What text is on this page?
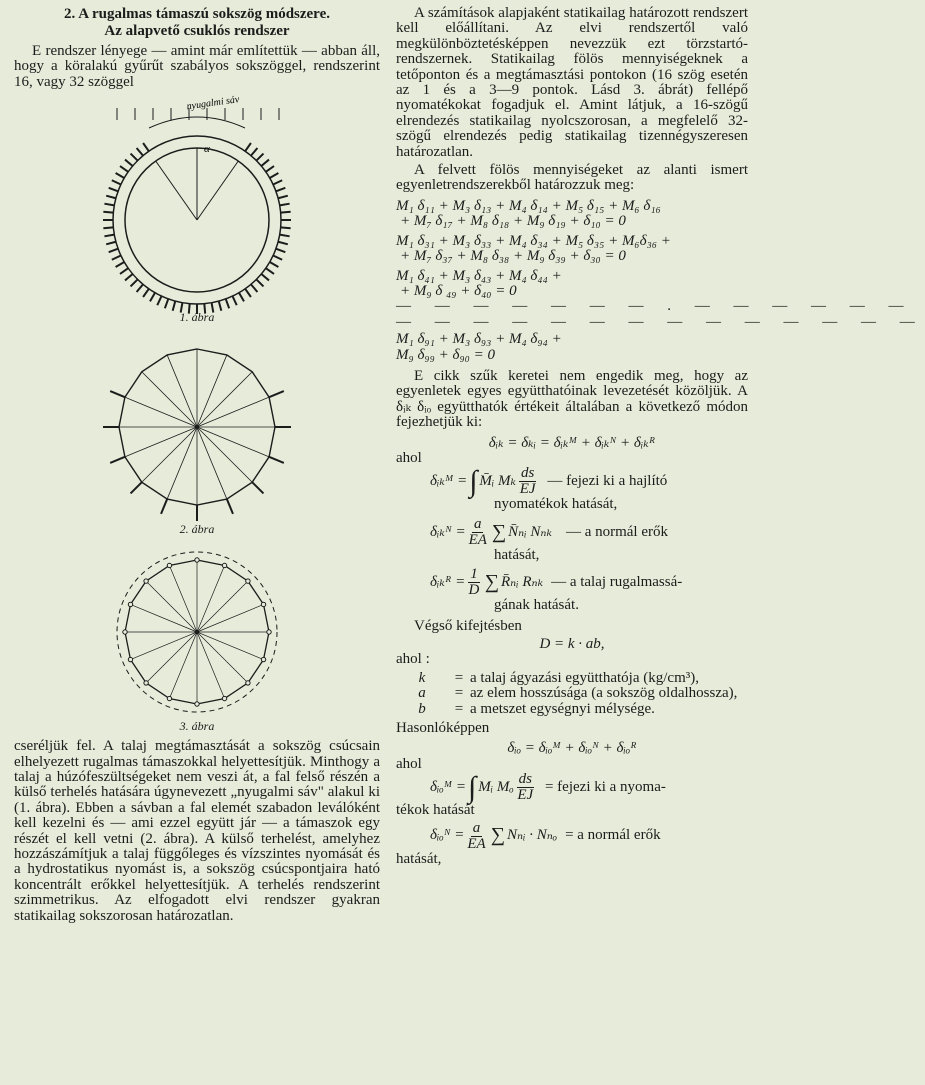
2. A rugalmas támaszú sokszög módszere.
Az alapvető csuklós rendszer

E rendszer lényege — amint már említettük — abban áll, hogy a köralakú gyűrűt szabályos sokszöggel, rendszerint 16, vagy 32 szöggel

nyugalmi sáv
α
1. ábra
2. ábra
3. ábra

cseréljük fel. A talaj megtámasztását a sokszög csúcsain elhelyezett rugalmas támaszokkal helyettesítjük. Minthogy a talaj a húzófeszültségeket nem veszi át, a fal felső részén a külső terhelés hatására úgynevezett „nyugalmi sáv" alakul ki (1. ábra). Ebben a sávban a fal elemét szabadon leválóként kell kezelni és — ami ezzel együtt jár — a támaszok egy részét el kell vetni (2. ábra). A külső terhelést, amelyhez hozzászámítjuk a talaj függőleges és vízszintes nyomását és a hydrostatikus nyomást is, a sokszög csúcspontjaira ható koncentrált erőkkel helyettesítjük. A terhelés rendszerint szimmetrikus. Az elfogadott elvi rendszer gyakran statikailag sokszorosan határozatlan.

A számítások alapjaként statikailag határozott rendszert kell előállítani. Az elvi rendszertől való megkülönböztetésképpen nevezzük ezt törzstartó-rendszernek. Statikailag fölös mennyiségeknek a tetőponton és a megtámasztási pontokon (16 szög esetén az 1 és a 3—9 pontok. Lásd 3. ábrát) fellépő nyomatékokat fogadjuk el. Amint látjuk, a 16-szögű elrendezés statikailag nyolcszorosan, a megfelelő 32-szögű elrendezés pedig statikailag tizennégyszeresen határozatlan.

A felvett fölös mennyiségeket az alanti ismert egyenletrendszerekből határozzuk meg:

M₁ δ₁₁ + M₃ δ₁₃ + M₄ δ₁₄ + M₅ δ₁₅ + M₆ δ₁₆

+ M₇ δ₁₇ + M₈ δ₁₈ + M₉ δ₁₉ + δ₁₀ = 0

M₁ δ₃₁ + M₃ δ₃₃ + M₄ δ₃₄ + M₅ δ₃₅ + M₆δ₃₆ +

+ M₇ δ₃₇ + M₈ δ₃₈ + M₉ δ₃₉ + δ₃₀ = 0

M₁ δ₄₁ + M₃ δ₄₃ + M₄ δ₄₄ +

+ M₉ δ ₄₉ + δ₄₀ = 0

— — — — — — — . — — — — — —
— — — — — — — — — — — — — —

M₁ δ₉₁ + M₃ δ₉₃ + M₄ δ₉₄ +

M₉ δ₉₉ + δ₉₀ = 0

E cikk szűk keretei nem engedik meg, hogy az egyenletek egyes együtthatóinak levezetését közöljük. A δᵢₖ δᵢₒ együtthatók értékeit általában a következő módon fejezhetjük ki:

δᵢₖ = δₖᵢ = δᵢₖᴹ + δᵢₖᴺ + δᵢₖᴿ
ahol
δᵢₖᴹ = ∫ M̄ᵢ Mₖ $\frac{ds}{EJ}$ — fejezi ki a hajlító
nyomatékok hatását,
δᵢₖᴺ = $\frac{a}{EA}$ ∑ N̄ₙᵢ Nₙₖ — a normál erők
hatását,
δᵢₖᴿ = $\frac{1}{D}$ ∑ R̄ₙᵢ Rₙₖ — a talaj rugalmassá-
gának hatását.
Végső kifejtésben
D = k · ab,
ahol :
k	= a talaj ágyazási együtthatója (kg/cm³),
a	= az elem hosszúsága (a sokszög oldalhossza),
b	= a metszet egységnyi mélysége.
Hasonlóképpen
δᵢₒ = δᵢₒᴹ + δᵢₒᴺ + δᵢₒᴿ
ahol
δᵢₒᴹ = ∫ Mᵢ Mₒ $\frac{ds}{EJ}$ = fejezi ki a nyoma-
tékok hatását
δᵢₒᴺ = $\frac{a}{EA}$ ∑ Nₙᵢ · Nₙₒ = a normál erők
hatását,
